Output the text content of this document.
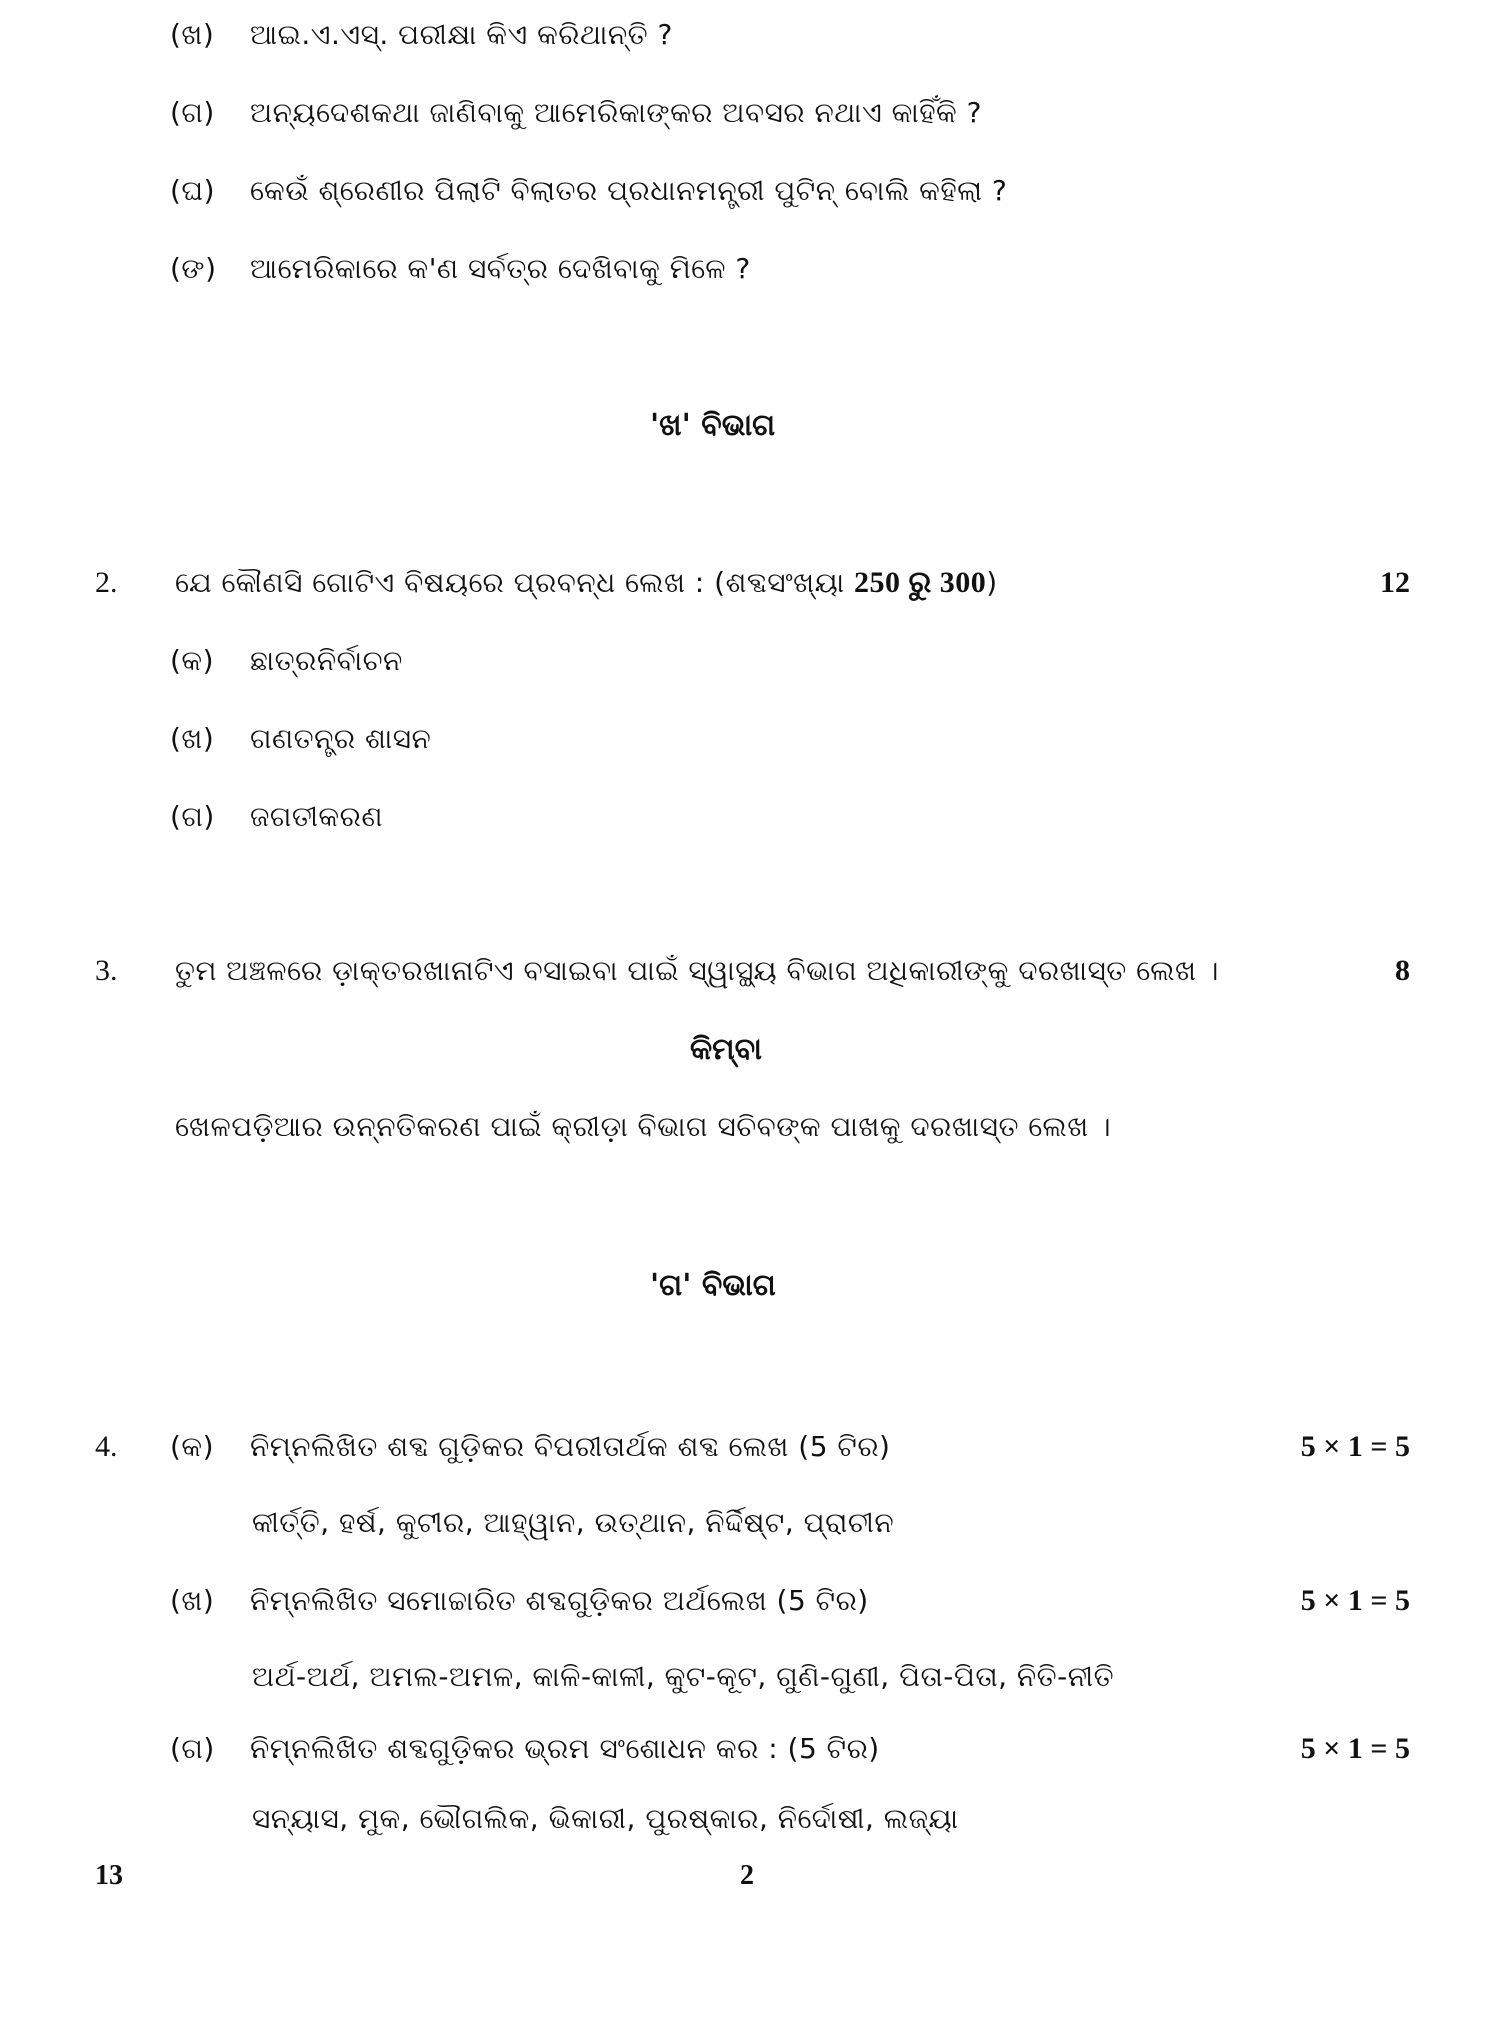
(ଖ) ଆଇ.ଏ.ଏସ୍. ପରୀକ୍ଷା କିଏ କରିଥାନ୍ତି ?
(ଗ) ଅନ୍ୟଦେଶକଥା ଜାଣିବାକୁ ଆମେରିକାଙ୍କର ଅବସର ନଥାଏ କାହିଁକି ?
(ଘ) କେଉଁ ଶ୍ରେଣୀର ପିଲାଟି ବିଲାତର ପ୍ରଧାନମନ୍ତ୍ରୀ ପୁଟିନ୍ ବୋଲି କହିଲା ?
(ଙ) ଆମେରିକାରେ କ'ଣ ସର୍ବତ୍ର ଦେଖିବାକୁ ମିଳେ ?
'ଖ' ବିଭାଗ
2. ଯେ କୌଣସି ଗୋଟିଏ ବିଷୟରେ ପ୍ରବନ୍ଧ ଲେଖ : (ଶବ୍ଦସଂଖ୍ୟା 250 ରୁ 300)	12
(କ) ଛାତ୍ରନିର୍ବାଚନ
(ଖ) ଗଣତନ୍ତ୍ର ଶାସନ
(ଗ) ଜଗତୀକରଣ
3. ତୁମ ଅଞ୍ଚଳରେ ଡ଼ାକ୍ତରଖାନାଟିଏ ବସାଇବା ପାଇଁ ସ୍ୱାସ୍ଥ୍ୟ ବିଭାଗ ଅଧିକାରୀଙ୍କୁ ଦରଖାସ୍ତ ଲେଖ ।	8
କିମ୍ବା
ଖେଳପଡ଼ିଆର ଉନ୍ନତିକରଣ ପାଇଁ କ୍ରୀଡ଼ା ବିଭାଗ ସଚିବଙ୍କ ପାଖକୁ ଦରଖାସ୍ତ ଲେଖ ।
'ଗ' ବିଭାଗ
4. (କ) ନିମ୍ନଲିଖିତ ଶବ୍ଦ ଗୁଡ଼ିକର ବିପରୀତାର୍ଥକ ଶବ୍ଦ ଲେଖ (5 ଟିର)	5 × 1 = 5
କୀର୍ତ୍ତି, ହର୍ଷ, କୁଟୀର, ଆହ୍ୱାନ, ଉତ୍‌ଥାନ, ନିର୍ଦ୍ଦିଷ୍ଟ, ପ୍ରାଚୀନ
(ଖ) ନିମ୍ନଲିଖିତ ସମୋଚ୍ଚାରିତ ଶବ୍ଦଗୁଡ଼ିକର ଅର୍ଥଲେଖ (5 ଟିର)	5 × 1 = 5
ଅର୍ଥ-ଅର୍ଥ, ଅମଲ-ଅମଳ, କାଳି-କାଳୀ, କୁଟ-କୂଟ, ଗୁଣି-ଗୁଣୀ, ପିତା-ପିତା, ନିତି-ନୀତି
(ଗ) ନିମ୍ନଲିଖିତ ଶବ୍ଦଗୁଡ଼ିକର ଭ୍ରମ ସଂଶୋଧନ କର : (5 ଟିର)	5 × 1 = 5
ସନ୍ୟାସ, ମୁକ, ଭୌଗଲିକ, ଭିକାରୀ, ପୁରଷ୍କାର, ନିର୍ଦୋଷୀ, ଲଜ୍ୟା
13	2
